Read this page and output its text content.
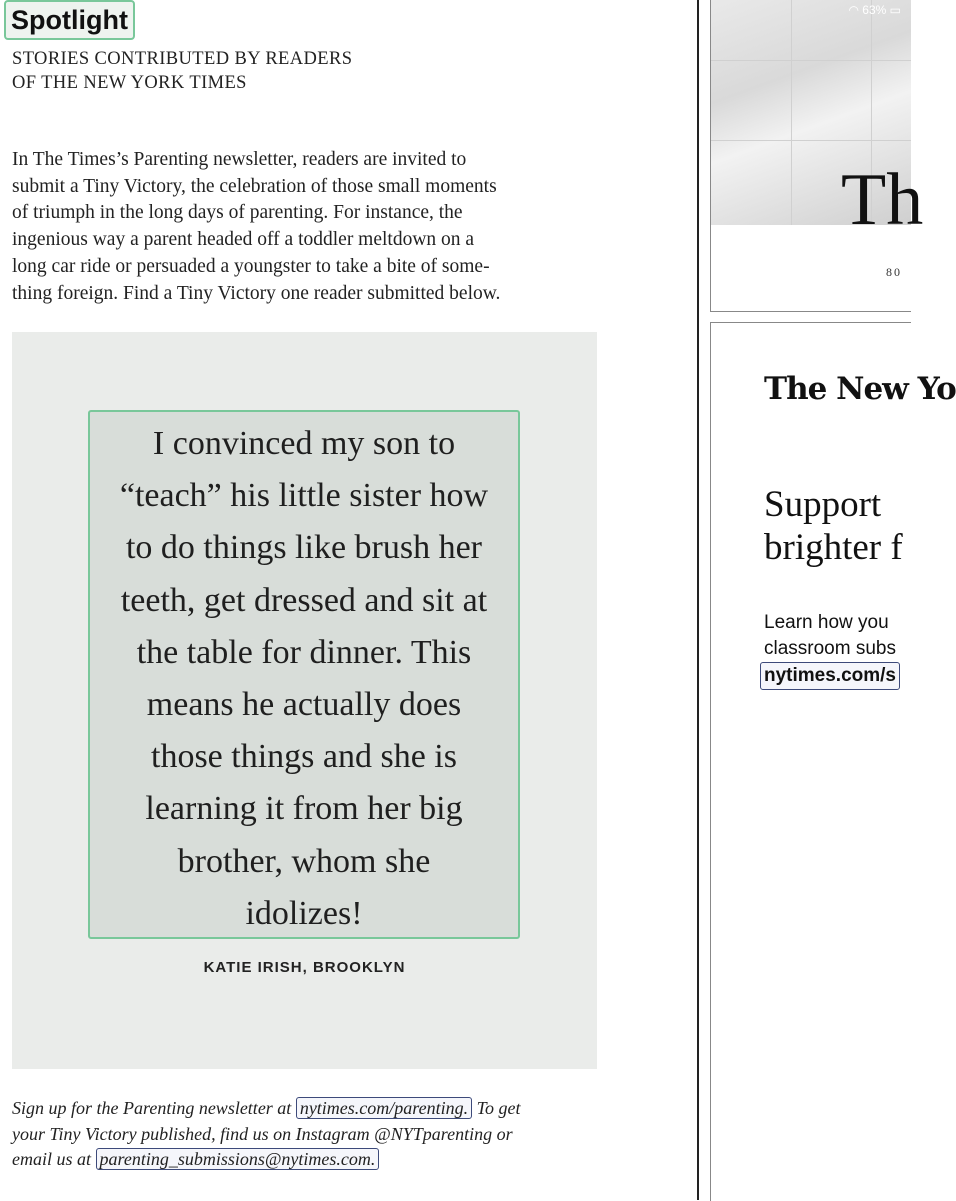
Spotlight
STORIES CONTRIBUTED BY READERS
OF THE NEW YORK TIMES
In The Times’s Parenting newsletter, readers are invited to
submit a Tiny Victory, the celebration of those small moments
of triumph in the long days of parenting. For instance, the
ingenious way a parent headed off a toddler meltdown on a
long car ride or persuaded a youngster to take a bite of some-
thing foreign. Find a Tiny Victory one reader submitted below.
I convinced my son to
“teach” his little sister how
to do things like brush her
teeth, get dressed and sit at
the table for dinner. This
means he actually does
those things and she is
learning it from her big
brother, whom she
idolizes!
KATIE IRISH, BROOKLYN
Sign up for the Parenting newsletter at nytimes.com/parenting. To get
your Tiny Victory published, find us on Instagram @NYTparenting or
email us at parenting_submissions@nytimes.com.
◠ 63% ▭
Th
80
The New Yo
Support
brighter f
Learn how you
classroom subs
nytimes.com/s
